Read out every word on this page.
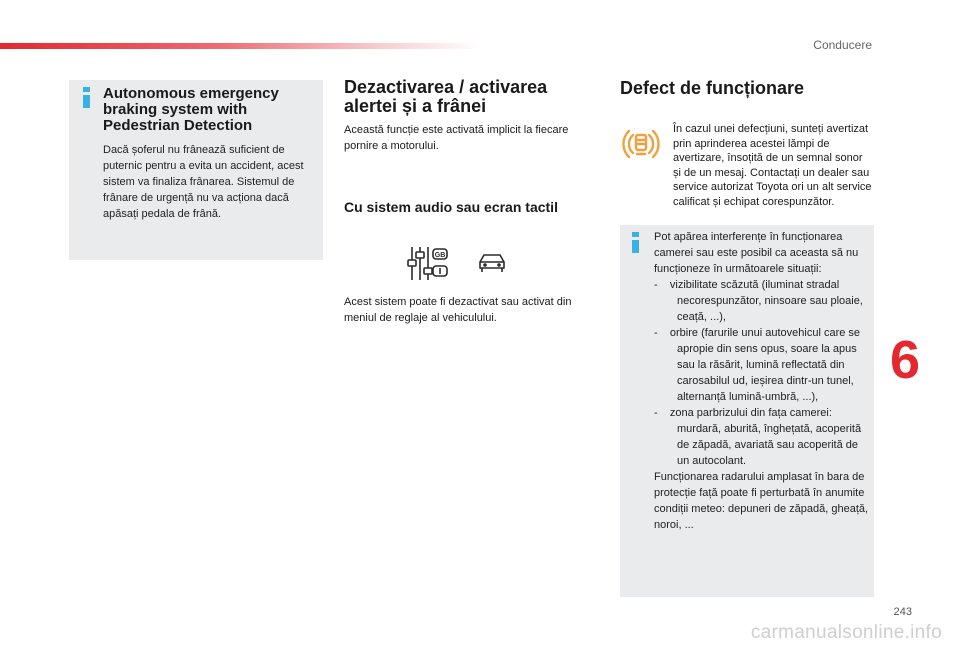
Conducere
Autonomous emergency braking system with Pedestrian Detection

Dacă șoferul nu frânează suficient de puternic pentru a evita un accident, acest sistem va finaliza frânarea. Sistemul de frânare de urgență nu va acționa dacă apăsați pedala de frână.

Dezactivarea / activarea alertei și a frânei

Această funcție este activată implicit la fiecare pornire a motorului.

Cu sistem audio sau ecran tactil
GB

Acest sistem poate fi dezactivat sau activat din meniul de reglaje al vehiculului.

Defect de funcționare

În cazul unei defecțiuni, sunteți avertizat prin aprinderea acestei lămpi de avertizare, însoțită de un semnal sonor și de un mesaj. Contactați un dealer sau service autorizat Toyota ori un alt service calificat și echipat corespunzător.

Pot apărea interferențe în funcționarea camerei sau este posibil ca aceasta să nu funcționeze în următoarele situații:

-    vizibilitate scăzută (iluminat stradal necorespunzător, ninsoare sau ploaie, ceață, ...),

-    orbire (farurile unui autovehicul care se apropie din sens opus, soare la apus sau la răsărit, lumină reflectată din carosabilul ud, ieșirea dintr-un tunel, alternanță lumină-umbră, ...),

-    zona parbrizului din fața camerei: murdară, aburită, înghețată, acoperită de zăpadă, avariată sau acoperită de un autocolant.

Funcționarea radarului amplasat în bara de protecție față poate fi perturbată în anumite condiții meteo: depuneri de zăpadă, gheață, noroi, ...

6
243
carmanualsonline.info
